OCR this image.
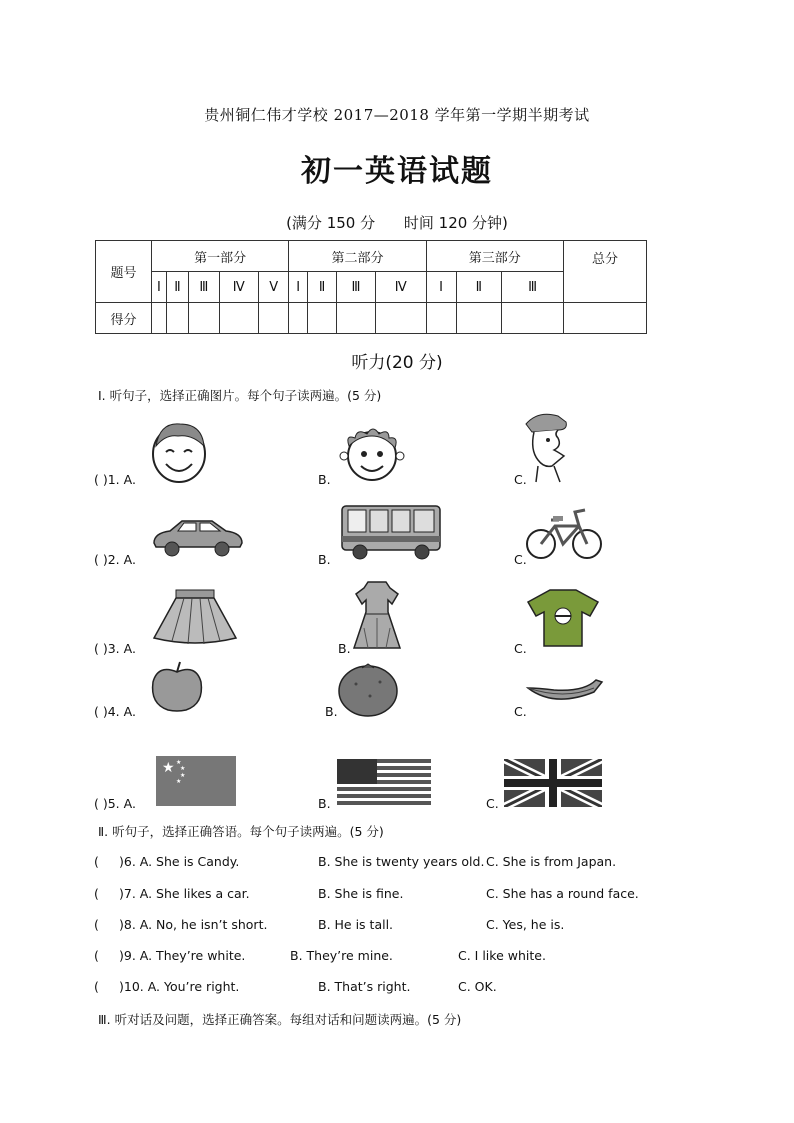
贵州铜仁伟才学校 2017—2018 学年第一学期半期考试
初一英语试题
(满分 150 分 时间 120 分钟)
题号	第一部分					第二部分				第三部分			总分
	Ⅰ	Ⅱ	Ⅲ	Ⅳ	Ⅴ	Ⅰ	Ⅱ	Ⅲ	Ⅳ	Ⅰ	Ⅱ	Ⅲ	
得分													
听力(20 分)
Ⅰ. 听句子，选择正确图片。每个句子读两遍。(5 分)
( )1. A.	B.	C.
( )2. A.	B.	C.
( )3. A.	B.	C.
( )4. A.	B.	C.
( )5. A.
★ ★
★
★
★
B.	C.
Ⅱ. 听句子，选择正确答语。每个句子读两遍。(5 分)
( )6. A. She is Candy.	B. She is twenty years old. C. She is from Japan.
( )7. A. She likes a car.	B. She is fine.	C. She has a round face.
( )8. A. No, he isn’t short.	B. He is tall.	C. Yes, he is.
( )9. A. They’re white.	B. They’re mine.	C. I like white.
( )10. A. You’re right.	B. That’s right.	C. OK.
Ⅲ. 听对话及问题，选择正确答案。每组对话和问题读两遍。(5 分)
